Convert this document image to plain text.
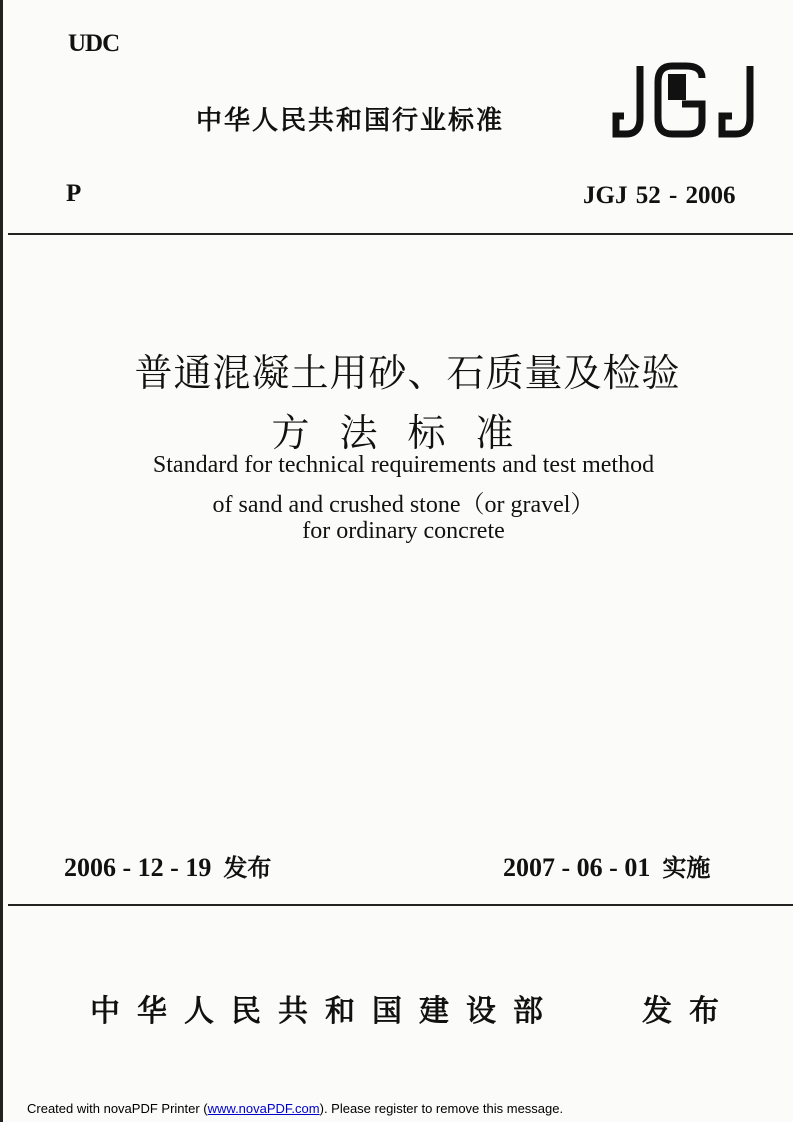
UDC
中华人民共和国行业标准
P	JGJ 52 - 2006
普通混凝土用砂、石质量及检验
方法标准
Standard for technical requirements and test method
of sand and crushed stone（or gravel）
for ordinary concrete
2006 - 12 - 19 发布	2007 - 06 - 01 实施
中华人民共和国建设部	发布
Created with novaPDF Printer (www.novaPDF.com). Please register to remove this message.
